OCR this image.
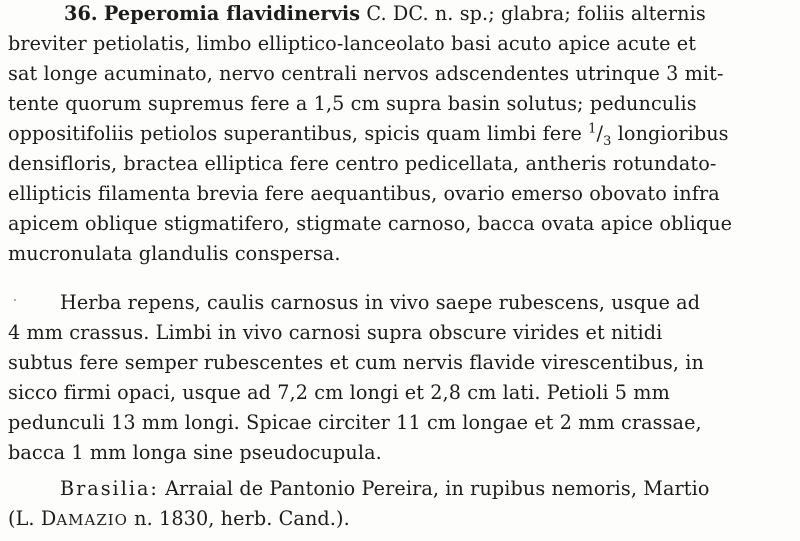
36. Peperomia flavidinervis C. DC. n. sp.; glabra; foliis alternis
breviter petiolatis, limbo elliptico-lanceolato basi acuto apice acute et
sat longe acuminato, nervo centrali nervos adscendentes utrinque 3 mit-
tente quorum supremus fere a 1,5 cm supra basin solutus; pedunculis
oppositifoliis petiolos superantibus, spicis quam limbi fere $^1/_3$ longioribus
densifloris, bractea elliptica fere centro pedicellata, antheris rotundato-
ellipticis filamenta brevia fere aequantibus, ovario emerso obovato infra
apicem oblique stigmatifero, stigmate carnoso, bacca ovata apice oblique
mucronulata glandulis conspersa.
Herba repens, caulis carnosus in vivo saepe rubescens, usque ad
4 mm crassus. Limbi in vivo carnosi supra obscure virides et nitidi
subtus fere semper rubescentes et cum nervis flavide virescentibus, in
sicco firmi opaci, usque ad 7,2 cm longi et 2,8 cm lati. Petioli 5 mm
pedunculi 13 mm longi. Spicae circiter 11 cm longae et 2 mm crassae,
bacca 1 mm longa sine pseudocupula.
Brasilia: Arraial de Pantonio Pereira, in rupibus nemoris, Martio
(L. DAMAZIO n. 1830, herb. Cand.).
